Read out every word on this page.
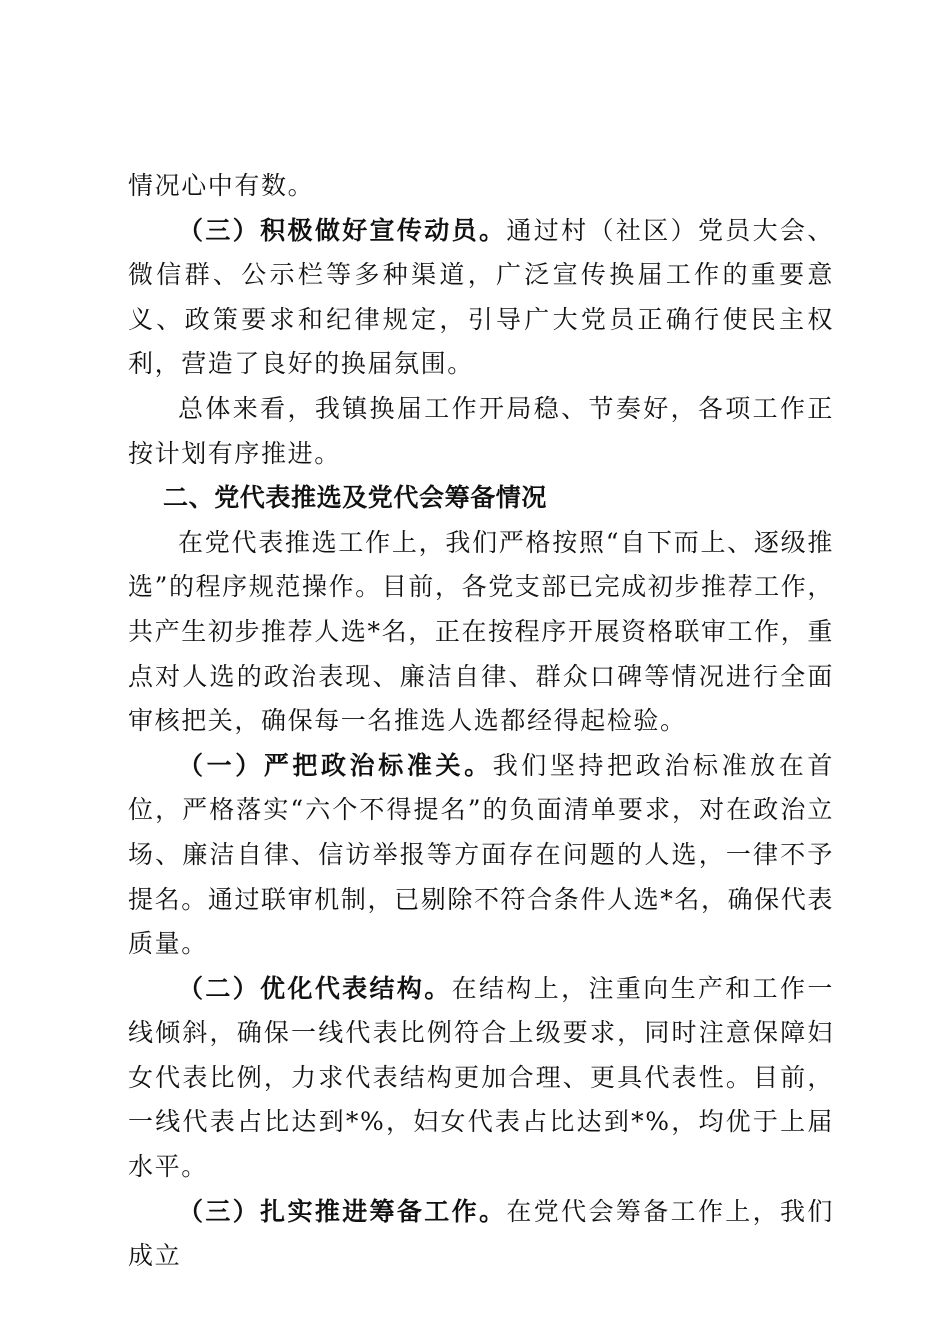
情况心中有数。

（三）积极做好宣传动员。通过村（社区）党员大会、微信群、公示栏等多种渠道，广泛宣传换届工作的重要意义、政策要求和纪律规定，引导广大党员正确行使民主权利，营造了良好的换届氛围。

总体来看，我镇换届工作开局稳、节奏好，各项工作正按计划有序推进。

二、党代表推选及党代会筹备情况

在党代表推选工作上，我们严格按照“自下而上、逐级推选”的程序规范操作。目前，各党支部已完成初步推荐工作，共产生初步推荐人选*名，正在按程序开展资格联审工作，重点对人选的政治表现、廉洁自律、群众口碑等情况进行全面审核把关，确保每一名推选人选都经得起检验。

（一）严把政治标准关。我们坚持把政治标准放在首位，严格落实“六个不得提名”的负面清单要求，对在政治立场、廉洁自律、信访举报等方面存在问题的人选，一律不予提名。通过联审机制，已剔除不符合条件人选*名，确保代表质量。

（二）优化代表结构。在结构上，注重向生产和工作一线倾斜，确保一线代表比例符合上级要求，同时注意保障妇女代表比例，力求代表结构更加合理、更具代表性。目前，一线代表占比达到*%，妇女代表占比达到*%，均优于上届水平。

（三）扎实推进筹备工作。在党代会筹备工作上，我们成立
